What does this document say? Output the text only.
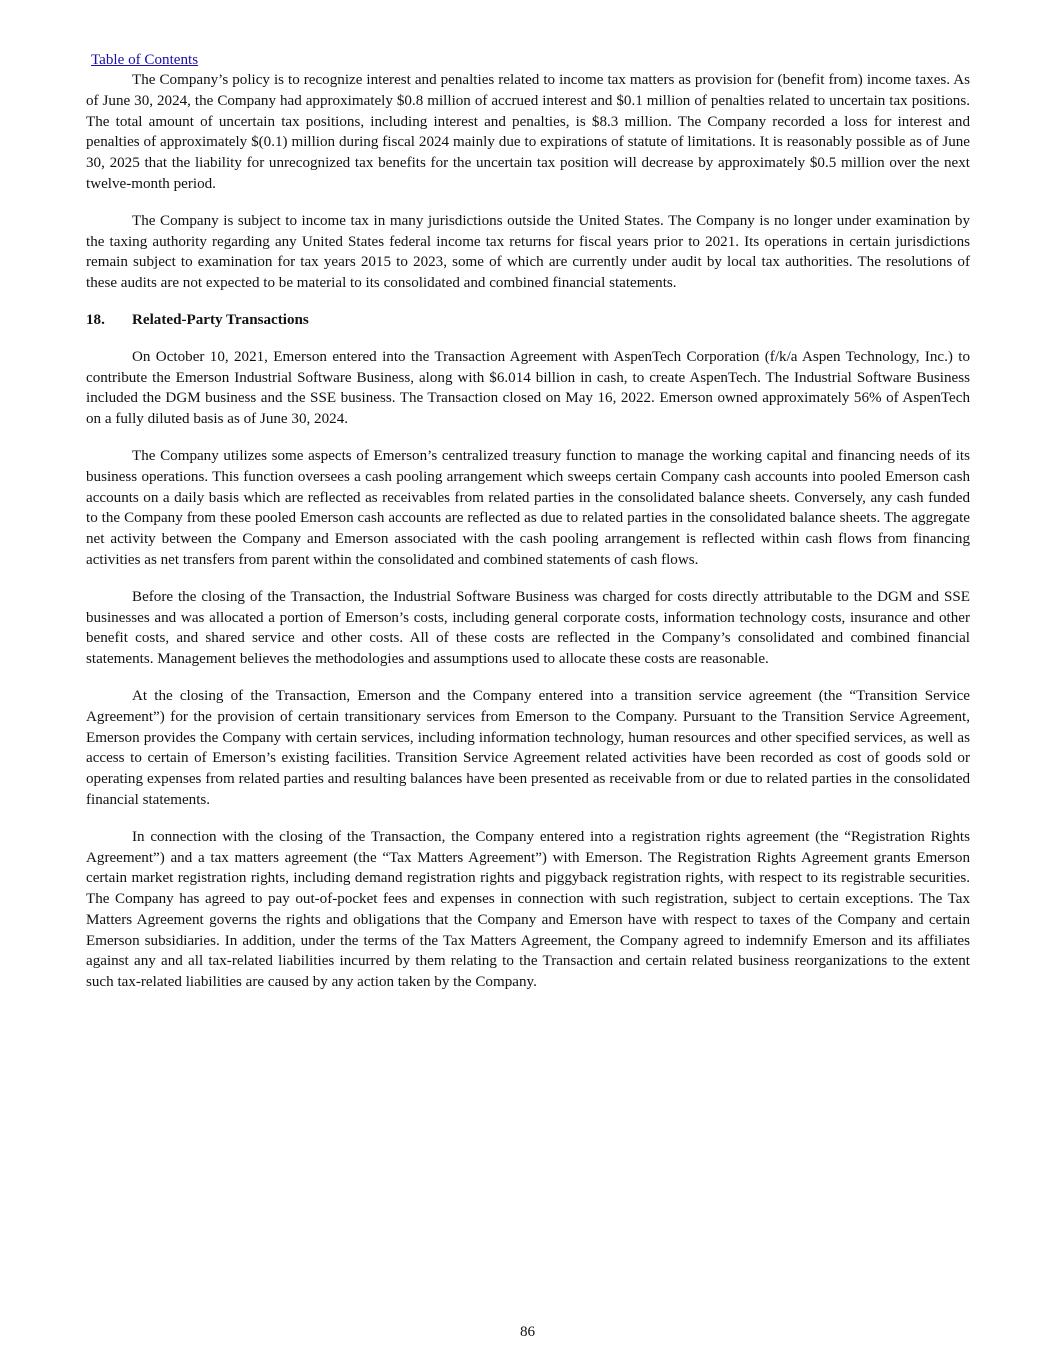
Table of Contents

The Company’s policy is to recognize interest and penalties related to income tax matters as provision for (benefit from) income taxes. As of June 30, 2024, the Company had approximately $0.8 million of accrued interest and $0.1 million of penalties related to uncertain tax positions. The total amount of uncertain tax positions, including interest and penalties, is $8.3 million. The Company recorded a loss for interest and penalties of approximately $(0.1) million during fiscal 2024 mainly due to expirations of statute of limitations. It is reasonably possible as of June 30, 2025 that the liability for unrecognized tax benefits for the uncertain tax position will decrease by approximately $0.5 million over the next twelve-month period.

The Company is subject to income tax in many jurisdictions outside the United States. The Company is no longer under examination by the taxing authority regarding any United States federal income tax returns for fiscal years prior to 2021. Its operations in certain jurisdictions remain subject to examination for tax years 2015 to 2023, some of which are currently under audit by local tax authorities. The resolutions of these audits are not expected to be material to its consolidated and combined financial statements.

18.	Related-Party Transactions

On October 10, 2021, Emerson entered into the Transaction Agreement with AspenTech Corporation (f/k/a Aspen Technology, Inc.) to contribute the Emerson Industrial Software Business, along with $6.014 billion in cash, to create AspenTech. The Industrial Software Business included the DGM business and the SSE business. The Transaction closed on May 16, 2022. Emerson owned approximately 56% of AspenTech on a fully diluted basis as of June 30, 2024.

The Company utilizes some aspects of Emerson’s centralized treasury function to manage the working capital and financing needs of its business operations. This function oversees a cash pooling arrangement which sweeps certain Company cash accounts into pooled Emerson cash accounts on a daily basis which are reflected as receivables from related parties in the consolidated balance sheets. Conversely, any cash funded to the Company from these pooled Emerson cash accounts are reflected as due to related parties in the consolidated balance sheets. The aggregate net activity between the Company and Emerson associated with the cash pooling arrangement is reflected within cash flows from financing activities as net transfers from parent within the consolidated and combined statements of cash flows.

Before the closing of the Transaction, the Industrial Software Business was charged for costs directly attributable to the DGM and SSE businesses and was allocated a portion of Emerson’s costs, including general corporate costs, information technology costs, insurance and other benefit costs, and shared service and other costs. All of these costs are reflected in the Company’s consolidated and combined financial statements. Management believes the methodologies and assumptions used to allocate these costs are reasonable.

At the closing of the Transaction, Emerson and the Company entered into a transition service agreement (the “Transition Service Agreement”) for the provision of certain transitionary services from Emerson to the Company. Pursuant to the Transition Service Agreement, Emerson provides the Company with certain services, including information technology, human resources and other specified services, as well as access to certain of Emerson’s existing facilities. Transition Service Agreement related activities have been recorded as cost of goods sold or operating expenses from related parties and resulting balances have been presented as receivable from or due to related parties in the consolidated financial statements.

In connection with the closing of the Transaction, the Company entered into a registration rights agreement (the “Registration Rights Agreement”) and a tax matters agreement (the “Tax Matters Agreement”) with Emerson. The Registration Rights Agreement grants Emerson certain market registration rights, including demand registration rights and piggyback registration rights, with respect to its registrable securities. The Company has agreed to pay out-of-pocket fees and expenses in connection with such registration, subject to certain exceptions. The Tax Matters Agreement governs the rights and obligations that the Company and Emerson have with respect to taxes of the Company and certain Emerson subsidiaries. In addition, under the terms of the Tax Matters Agreement, the Company agreed to indemnify Emerson and its affiliates against any and all tax-related liabilities incurred by them relating to the Transaction and certain related business reorganizations to the extent such tax-related liabilities are caused by any action taken by the Company.

86
